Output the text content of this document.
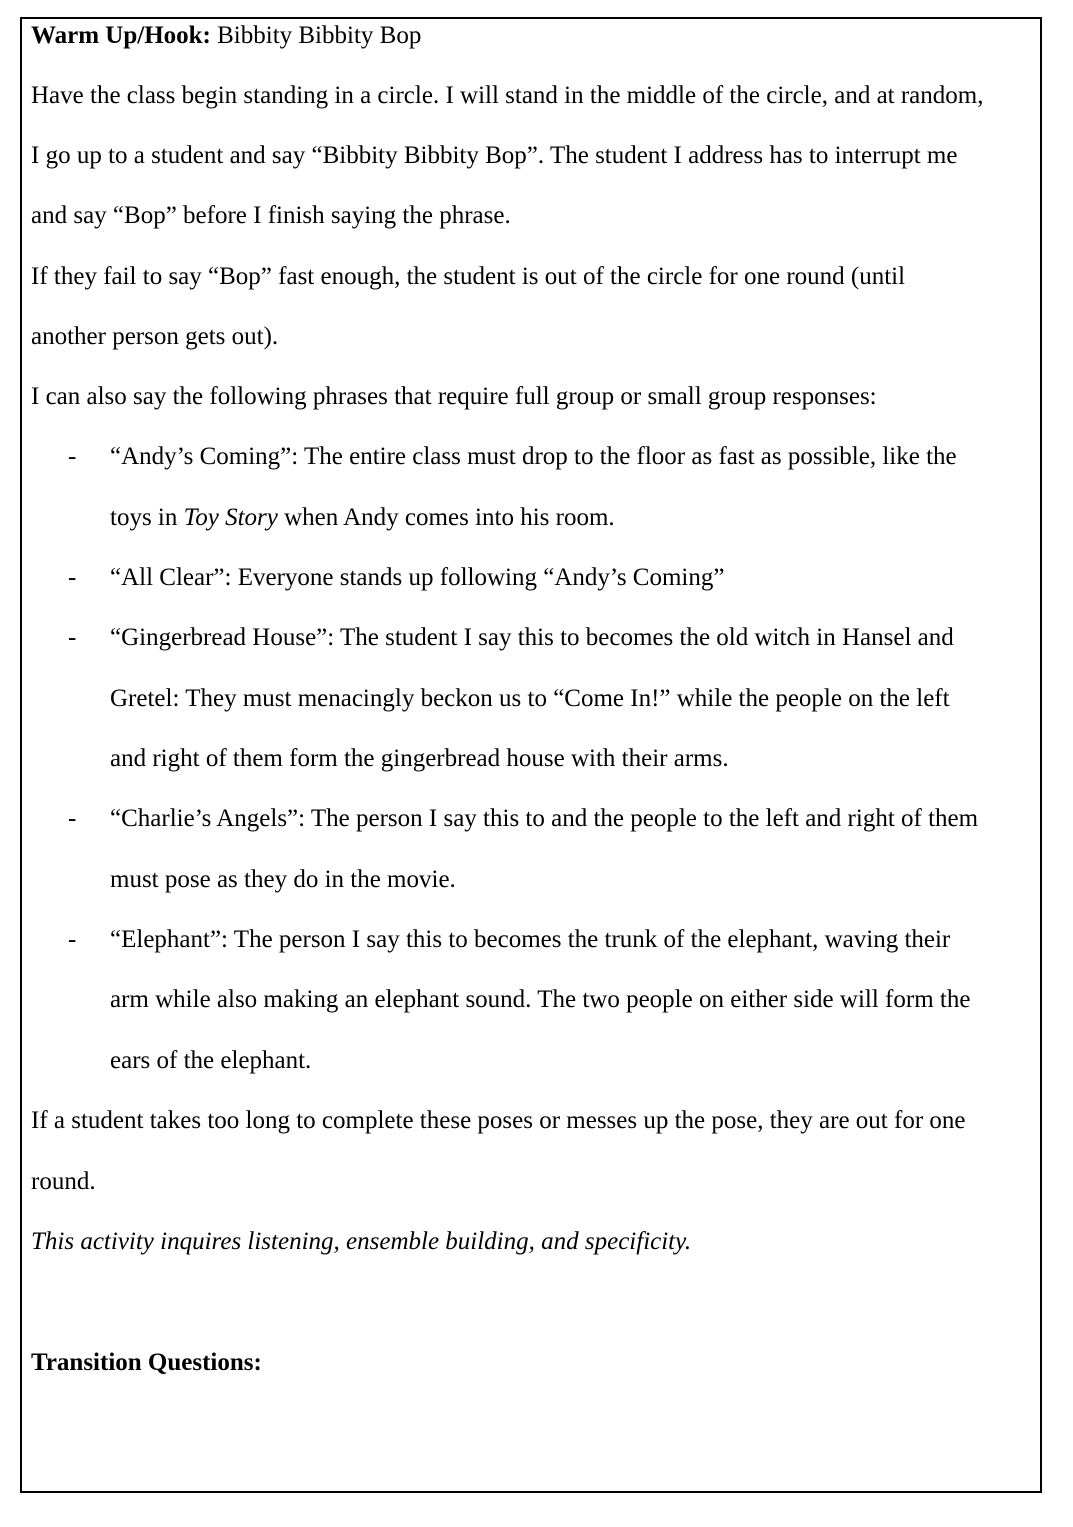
Warm Up/Hook: Bibbity Bibbity Bop
Have the class begin standing in a circle. I will stand in the middle of the circle, and at random,
I go up to a student and say “Bibbity Bibbity Bop”. The student I address has to interrupt me
and say “Bop” before I finish saying the phrase.
If they fail to say “Bop” fast enough, the student is out of the circle for one round (until
another person gets out).
I can also say the following phrases that require full group or small group responses:
- “Andy’s Coming”: The entire class must drop to the floor as fast as possible, like the
toys in Toy Story when Andy comes into his room.
- “All Clear”: Everyone stands up following “Andy’s Coming”
- “Gingerbread House”: The student I say this to becomes the old witch in Hansel and
Gretel: They must menacingly beckon us to “Come In!” while the people on the left
and right of them form the gingerbread house with their arms.
- “Charlie’s Angels”: The person I say this to and the people to the left and right of them
must pose as they do in the movie.
- “Elephant”: The person I say this to becomes the trunk of the elephant, waving their
arm while also making an elephant sound. The two people on either side will form the
ears of the elephant.
If a student takes too long to complete these poses or messes up the pose, they are out for one
round.
This activity inquires listening, ensemble building, and specificity.
Transition Questions:
